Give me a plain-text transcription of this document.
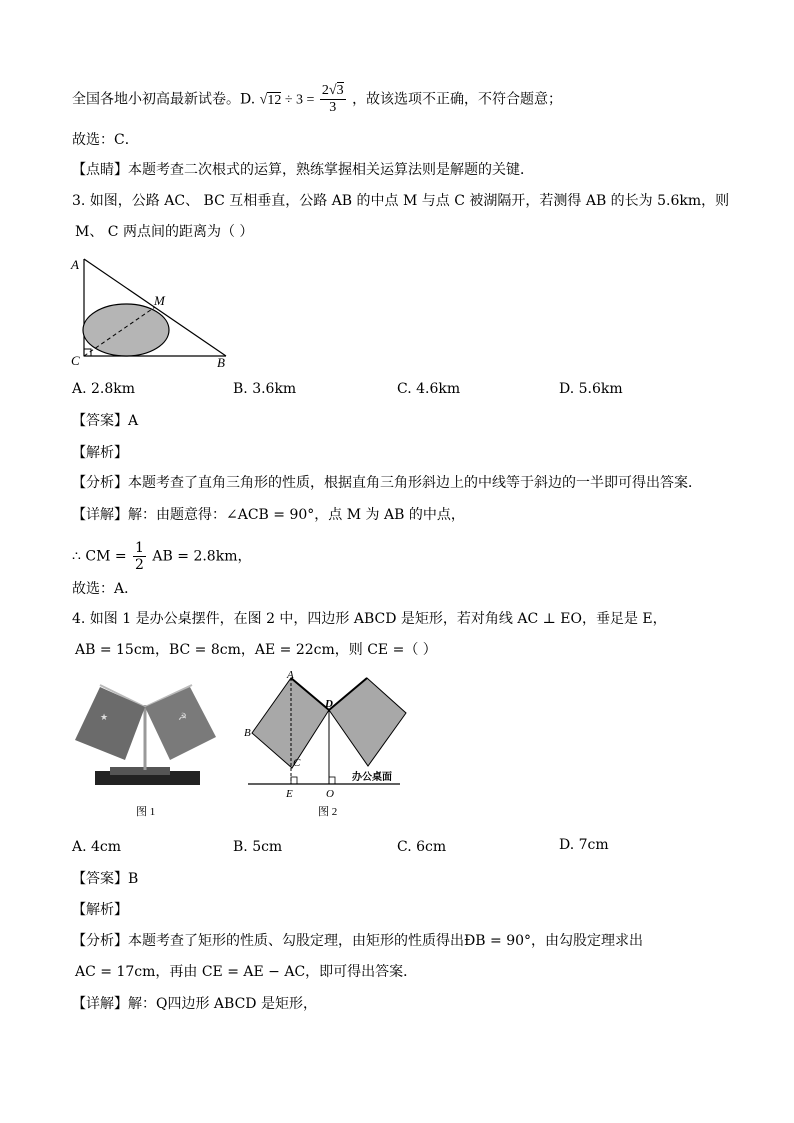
全国各地小初高最新试卷。D. $√12 \div 3 = \frac{2√3}{3}$ ，故该选项不正确，不符合题意；
故选：C．
【点睛】本题考查二次根式的运算，熟练掌握相关运算法则是解题的关键．
3. 如图，公路 AC、 BC 互相垂直，公路 AB 的中点 M 与点 C 被湖隔开，若测得 AB 的长为 5.6km，则
M、 C 两点间的距离为（ ）
A
C	B
M
A. 2.8km	B. 3.6km	C. 4.6km	D. 5.6km
【答案】A
【解析】
【分析】本题考查了直角三角形的性质，根据直角三角形斜边上的中线等于斜边的一半即可得出答案．
【详解】解：由题意得：∠ACB = 90°，点 M 为 AB 的中点，
∴ CM = $\frac{1}{2}$ AB = 2.8km，
故选：A．
4. 如图 1 是办公桌摆件，在图 2 中，四边形 ABCD 是矩形，若对角线 AC ⊥ EO，垂足是 E，
AB = 15cm，BC = 8cm，AE = 22cm，则 CE =（ ）
★	☭
图 1
A
B
C
D
E	O
办公桌面
图 2
A. 4cm	B. 5cm	C. 6cm	D. 7cm
【答案】B
【解析】
【分析】本题考查了矩形的性质、勾股定理，由矩形的性质得出ÐB = 90°，由勾股定理求出
AC = 17cm，再由 CE = AE − AC，即可得出答案．
【详解】解：Q四边形 ABCD 是矩形，
